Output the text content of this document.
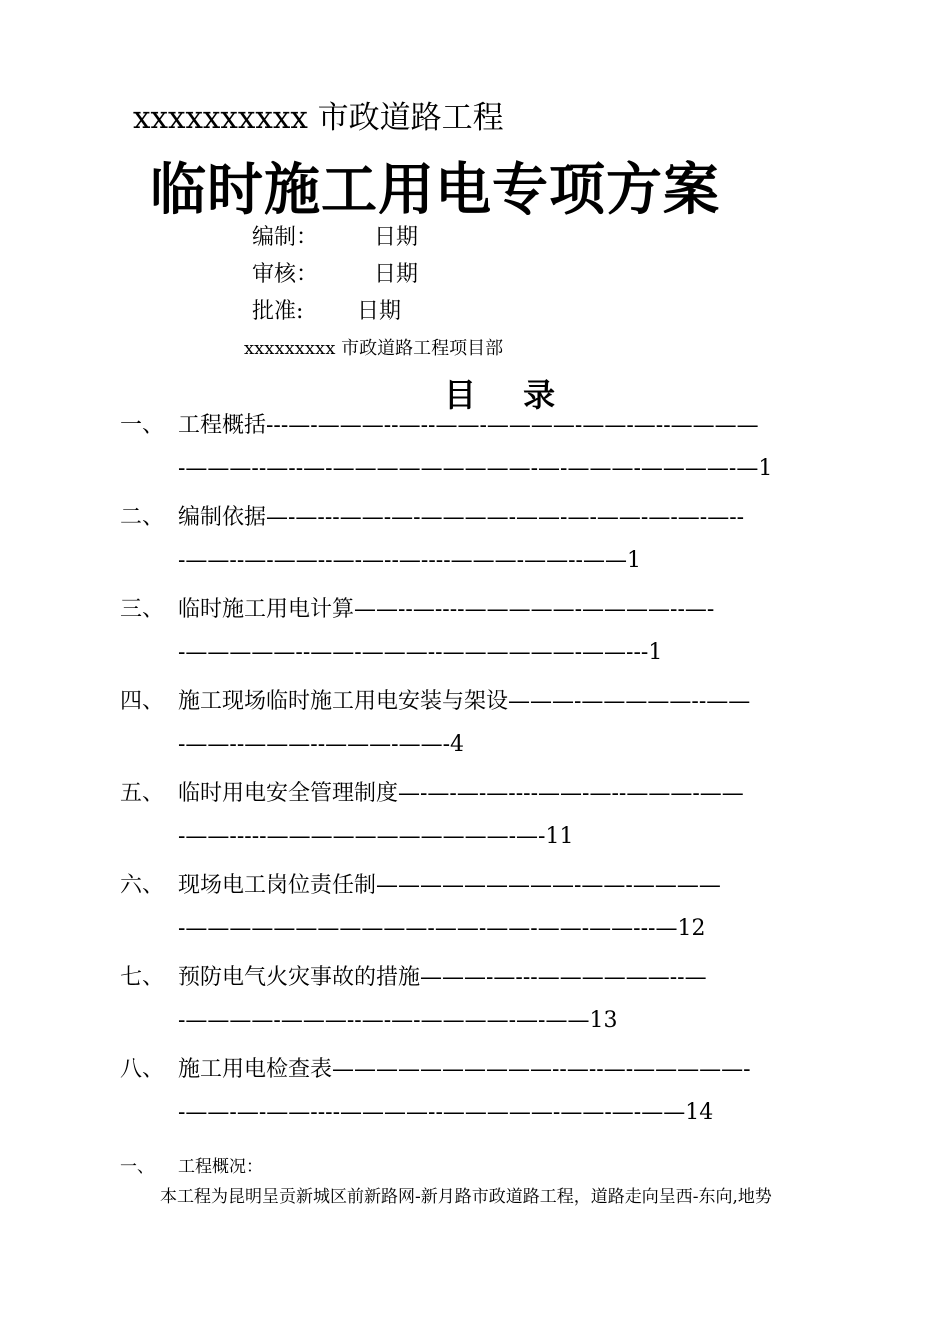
xxxxxxxxxx 市政道路工程
临时施工用电专项方案
编制：	日期
审核：	日期
批准: 日期
xxxxxxxxx 市政道路工程项目部
目 录
一、 工程概括---—-———--—--——-————-——-—--————
-———--—--—-—————————-—-———-————-—1
二、 编制依据—-—---——-—-————-——-—-——-—-—-—--
-——--—-——--—-—--—----———-——--——1
三、 临时施工用电计算——--—----—————-————--—-
-—————--——-———--——————-——---1
四、 施工现场临时施工用电安装与架设———-—————--——
-——--———--———-——-4
五、 临时用电安全管理制度—-—-—-—----——-—--———-——
-——-----———————————-—-11
六、 现场电工岗位责任制—————————-——-————
-———————————-——-——-——-——---—12
七、 预防电气火灾事故的措施———-—---——————--—
-————-———--—-—-————-—-——13
八、 施工用电检查表——————————--—--—-—————-
-——-—-——----————--—————-——-—-——14
一、 工程概况：
本工程为昆明呈贡新城区前新路网-新月路市政道路工程，道路走向呈西-东向,地势
